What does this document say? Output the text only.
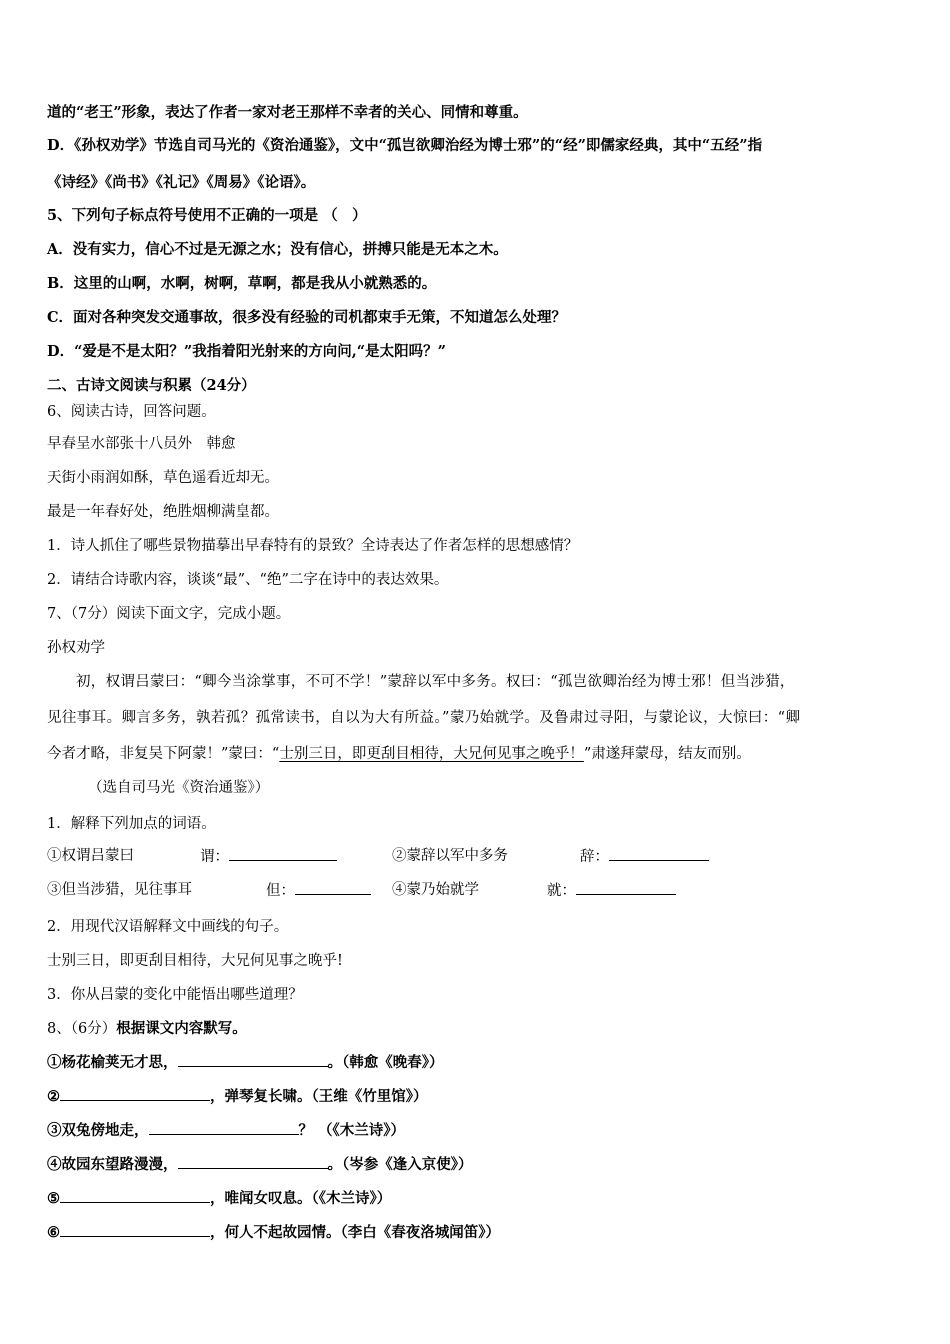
道的“老王”形象，表达了作者一家对老王那样不幸者的关心、同情和尊重。
D．《孙权劝学》节选自司马光的《资治通鉴》，文中“孤岂欲卿治经为博士邪”的“经”即儒家经典，其中“五经”指
《诗经》《尚书》《礼记》《周易》《论语》。
5、下列句子标点符号使用不正确的一项是 （　）
A．没有实力，信心不过是无源之水；没有信心，拼搏只能是无本之木。
B．这里的山啊，水啊，树啊，草啊，都是我从小就熟悉的。
C．面对各种突发交通事故，很多没有经验的司机都束手无策，不知道怎么处理？
D．“爱是不是太阳？”我指着阳光射来的方向问,“是太阳吗？”
二、古诗文阅读与积累（24分）
6、阅读古诗，回答问题。
早春呈水部张十八员外　韩愈
天街小雨润如酥，草色遥看近却无。
最是一年春好处，绝胜烟柳满皇都。
1．诗人抓住了哪些景物描摹出早春特有的景致？全诗表达了作者怎样的思想感情？
2．请结合诗歌内容，谈谈“最”、“绝”二字在诗中的表达效果。
7、（7分）阅读下面文字，完成小题。
孙权劝学
初，权谓吕蒙曰：“卿今当涂掌事，不可不学！”蒙辞以军中多务。权曰：“孤岂欲卿治经为博士邪！但当涉猎，
见往事耳。卿言多务，孰若孤？孤常读书，自以为大有所益。”蒙乃始就学。及鲁肃过寻阳，与蒙论议，大惊曰：“卿
今者才略，非复吴下阿蒙！”蒙曰：“士别三日，即更刮目相待，大兄何见事之晚乎！”肃遂拜蒙母，结友而别。
（选自司马光《资治通鉴》）
1．解释下列加点的词语。
①权谓吕蒙曰	谓：	②蒙辞以军中多务	辞：
③但当涉猎，见往事耳	但：	④蒙乃始就学	就：
2．用现代汉语解释文中画线的句子。
士别三日，即更刮目相待，大兄何见事之晚乎!
3．你从吕蒙的变化中能悟出哪些道理？
8、（6分）根据课文内容默写。
①杨花榆荚无才思，	。（韩愈《晚春》）
②	，弹琴复长啸。（王维《竹里馆》）
③双兔傍地走，	？ （《木兰诗》）
④故园东望路漫漫，	。（岑参《逢入京使》）
⑤	，唯闻女叹息。（《木兰诗》）
⑥	，何人不起故园情。（李白《春夜洛城闻笛》）
